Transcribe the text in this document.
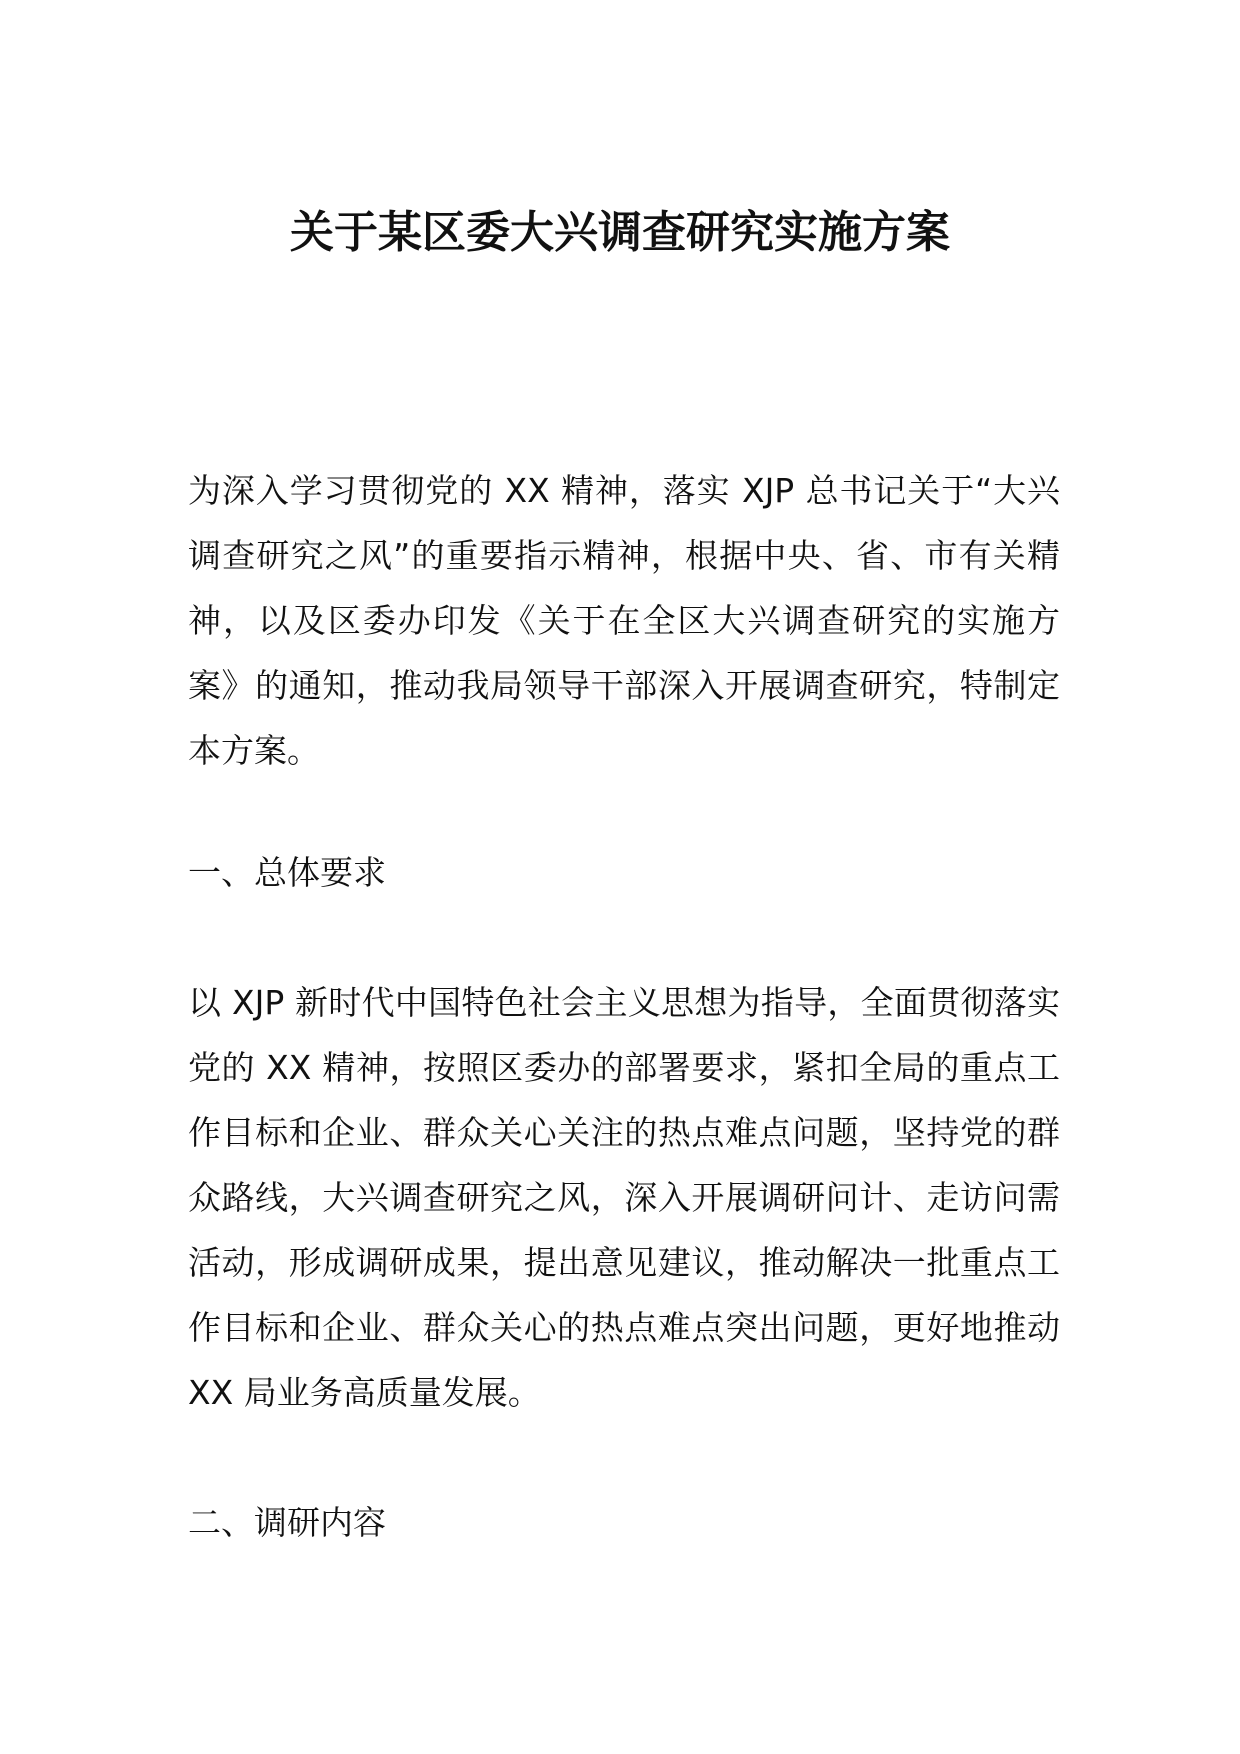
关于某区委大兴调查研究实施方案

为深入学习贯彻党的 XX 精神，落实 XJP 总书记关于“大兴调查研究之风”的重要指示精神，根据中央、省、市有关精神，以及区委办印发《关于在全区大兴调查研究的实施方案》的通知，推动我局领导干部深入开展调查研究，特制定本方案。

一、总体要求

以 XJP 新时代中国特色社会主义思想为指导，全面贯彻落实党的 XX 精神，按照区委办的部署要求，紧扣全局的重点工作目标和企业、群众关心关注的热点难点问题，坚持党的群众路线，大兴调查研究之风，深入开展调研问计、走访问需活动，形成调研成果，提出意见建议，推动解决一批重点工作目标和企业、群众关心的热点难点突出问题，更好地推动 XX 局业务高质量发展。

二、调研内容
